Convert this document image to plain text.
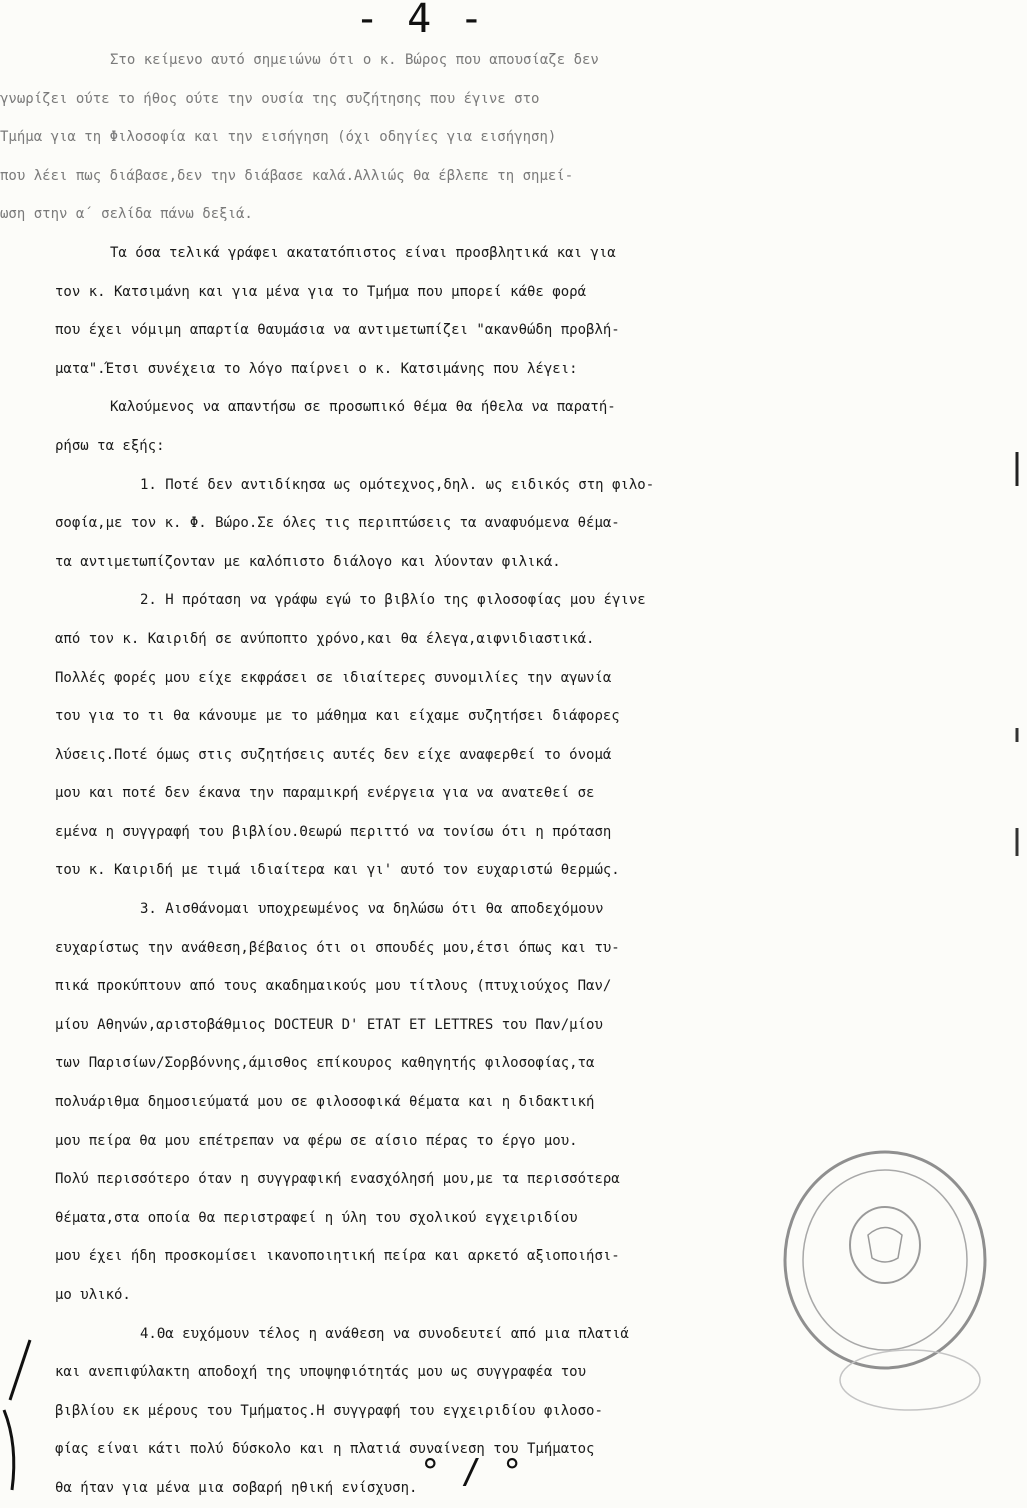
- 4 -
Στο κείμενο αυτό σημειώνω ότι ο κ. Βώρος που απουσίαζε δεν
γνωρίζει ούτε το ήθος ούτε την ουσία της συζήτησης που έγινε στο
Τμήμα για τη Φιλοσοφία και την εισήγηση (όχι οδηγίες για εισήγηση)
που λέει πως διάβασε,δεν την διάβασε καλά.Αλλιώς θα έβλεπε τη σημεί-
ωση στην α΄ σελίδα πάνω δεξιά.
Τα όσα τελικά γράφει ακατατόπιστος είναι προσβλητικά και για
τον κ. Κατσιμάνη και για μένα για το Τμήμα που μπορεί κάθε φορά
που έχει νόμιμη απαρτία θαυμάσια να αντιμετωπίζει "ακανθώδη προβλή-
ματα".Έτσι συνέχεια το λόγο παίρνει ο κ. Κατσιμάνης που λέγει:
Καλούμενος να απαντήσω σε προσωπικό θέμα θα ήθελα να παρατή-
ρήσω τα εξής:
1. Ποτέ δεν αντιδίκησα ως ομότεχνος,δηλ. ως ειδικός στη φιλο-
σοφία,με τον κ. Φ. Βώρο.Σε όλες τις περιπτώσεις τα αναφυόμενα θέμα-
τα αντιμετωπίζονταν με καλόπιστο διάλογο και λύονταν φιλικά.
2. Η πρόταση να γράφω εγώ το βιβλίο της φιλοσοφίας μου έγινε
από τον κ. Καιριδή σε ανύποπτο χρόνο,και θα έλεγα,αιφνιδιαστικά.
Πολλές φορές μου είχε εκφράσει σε ιδιαίτερες συνομιλίες την αγωνία
του για το τι θα κάνουμε με το μάθημα και είχαμε συζητήσει διάφορες
λύσεις.Ποτέ όμως στις συζητήσεις αυτές δεν είχε αναφερθεί το όνομά
μου και ποτέ δεν έκανα την παραμικρή ενέργεια για να ανατεθεί σε
εμένα η συγγραφή του βιβλίου.Θεωρώ περιττό να τονίσω ότι η πρόταση
του κ. Καιριδή με τιμά ιδιαίτερα και γι' αυτό τον ευχαριστώ θερμώς.
3. Αισθάνομαι υποχρεωμένος να δηλώσω ότι θα αποδεχόμουν
ευχαρίστως την ανάθεση,βέβαιος ότι οι σπουδές μου,έτσι όπως και τυ-
πικά προκύπτουν από τους ακαδημαικούς μου τίτλους (πτυχιούχος Παν/
μίου Αθηνών,αριστοβάθμιος DOCTEUR D' ETAT ET LETTRES του Παν/μίου
των Παρισίων/Σορβόννης,άμισθος επίκουρος καθηγητής φιλοσοφίας,τα
πολυάριθμα δημοσιεύματά μου σε φιλοσοφικά θέματα και η διδακτική
μου πείρα θα μου επέτρεπαν να φέρω σε αίσιο πέρας το έργο μου.
Πολύ περισσότερο όταν η συγγραφική ενασχόλησή μου,με τα περισσότερα
θέματα,στα οποία θα περιστραφεί η ύλη του σχολικού εγχειριδίου
μου έχει ήδη προσκομίσει ικανοποιητική πείρα και αρκετό αξιοποιήσι-
μο υλικό.
4.Θα ευχόμουν τέλος η ανάθεση να συνοδευτεί από μια πλατιά
και ανεπιφύλακτη αποδοχή της υποψηφιότητάς μου ως συγγραφέα του
βιβλίου εκ μέρους του Τμήματος.Η συγγραφή του εγχειριδίου φιλοσο-
φίας είναι κάτι πολύ δύσκολο και η πλατιά συναίνεση του Τμήματος
θα ήταν για μένα μια σοβαρή ηθική ενίσχυση. ° / °
